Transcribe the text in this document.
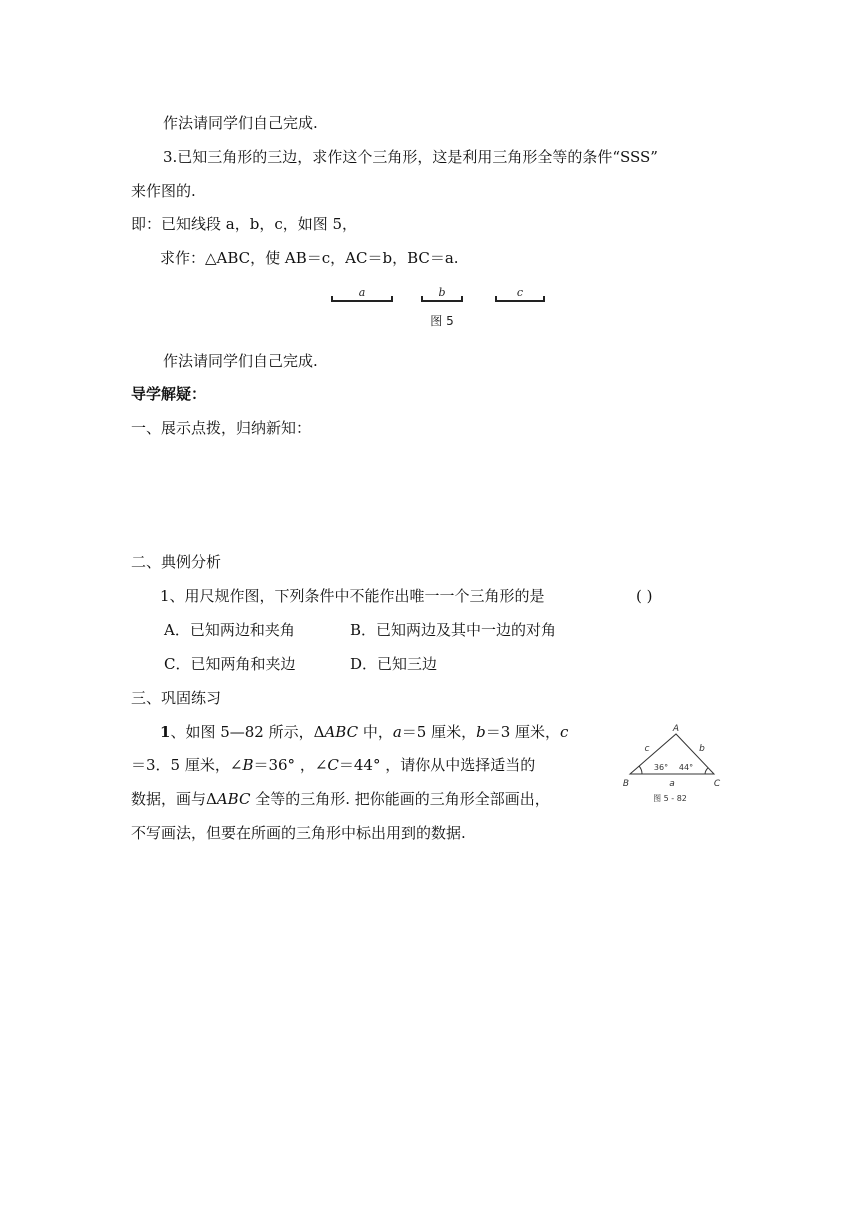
作法请同学们自己完成.
3.已知三角形的三边，求作这个三角形，这是利用三角形全等的条件“SSS”
来作图的.
即：已知线段 a，b，c，如图 5，
求作：△ABC，使 AB＝c，AC＝b，BC＝a.
a	b	c
图 5
作法请同学们自己完成.
导学解疑：
一、展示点拨，归纳新知：
二、典例分析
1、用尺规作图，下列条件中不能作出唯一一个三角形的是	( )
A．已知两边和夹角	B．已知两边及其中一边的对角
C．已知两角和夹边	D．已知三边
三、巩固练习
1、如图 5—82 所示，ΔABC 中，a＝5 厘米，b＝3 厘米，c
＝3．5 厘米，∠B＝36° ，∠C＝44° ，请你从中选择适当的
数据，画与ΔABC 全等的三角形. 把你能画的三角形全部画出，
不写画法，但要在所画的三角形中标出用到的数据.
A
B	C
a
b
c
36° 44°
图 5 - 82
